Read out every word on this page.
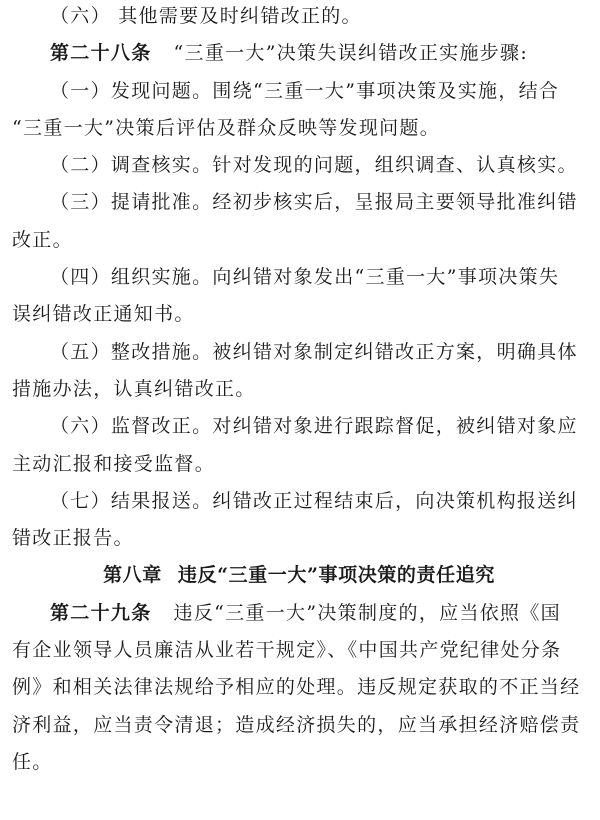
（六） 其他需要及时纠错改正的。
第二十八条 “三重一大”决策失误纠错改正实施步骤:
（一）发现问题。围绕“三重一大”事项决策及实施，结合
“三重一大”决策后评估及群众反映等发现问题。
（二）调查核实。针对发现的问题，组织调查、认真核实。
（三）提请批准。经初步核实后，呈报局主要领导批准纠错
改正。
（四）组织实施。向纠错对象发出“三重一大”事项决策失
误纠错改正通知书。
（五）整改措施。被纠错对象制定纠错改正方案，明确具体
措施办法，认真纠错改正。
（六）监督改正。对纠错对象进行跟踪督促，被纠错对象应
主动汇报和接受监督。
（七）结果报送。纠错改正过程结束后，向决策机构报送纠
错改正报告。
第八章 违反“三重一大”事项决策的责任追究
第二十九条 违反“三重一大”决策制度的，应当依照《国
有企业领导人员廉洁从业若干规定》、《中国共产党纪律处分条
例》和相关法律法规给予相应的处理。违反规定获取的不正当经
济利益，应当责令清退；造成经济损失的，应当承担经济赔偿责
任。
